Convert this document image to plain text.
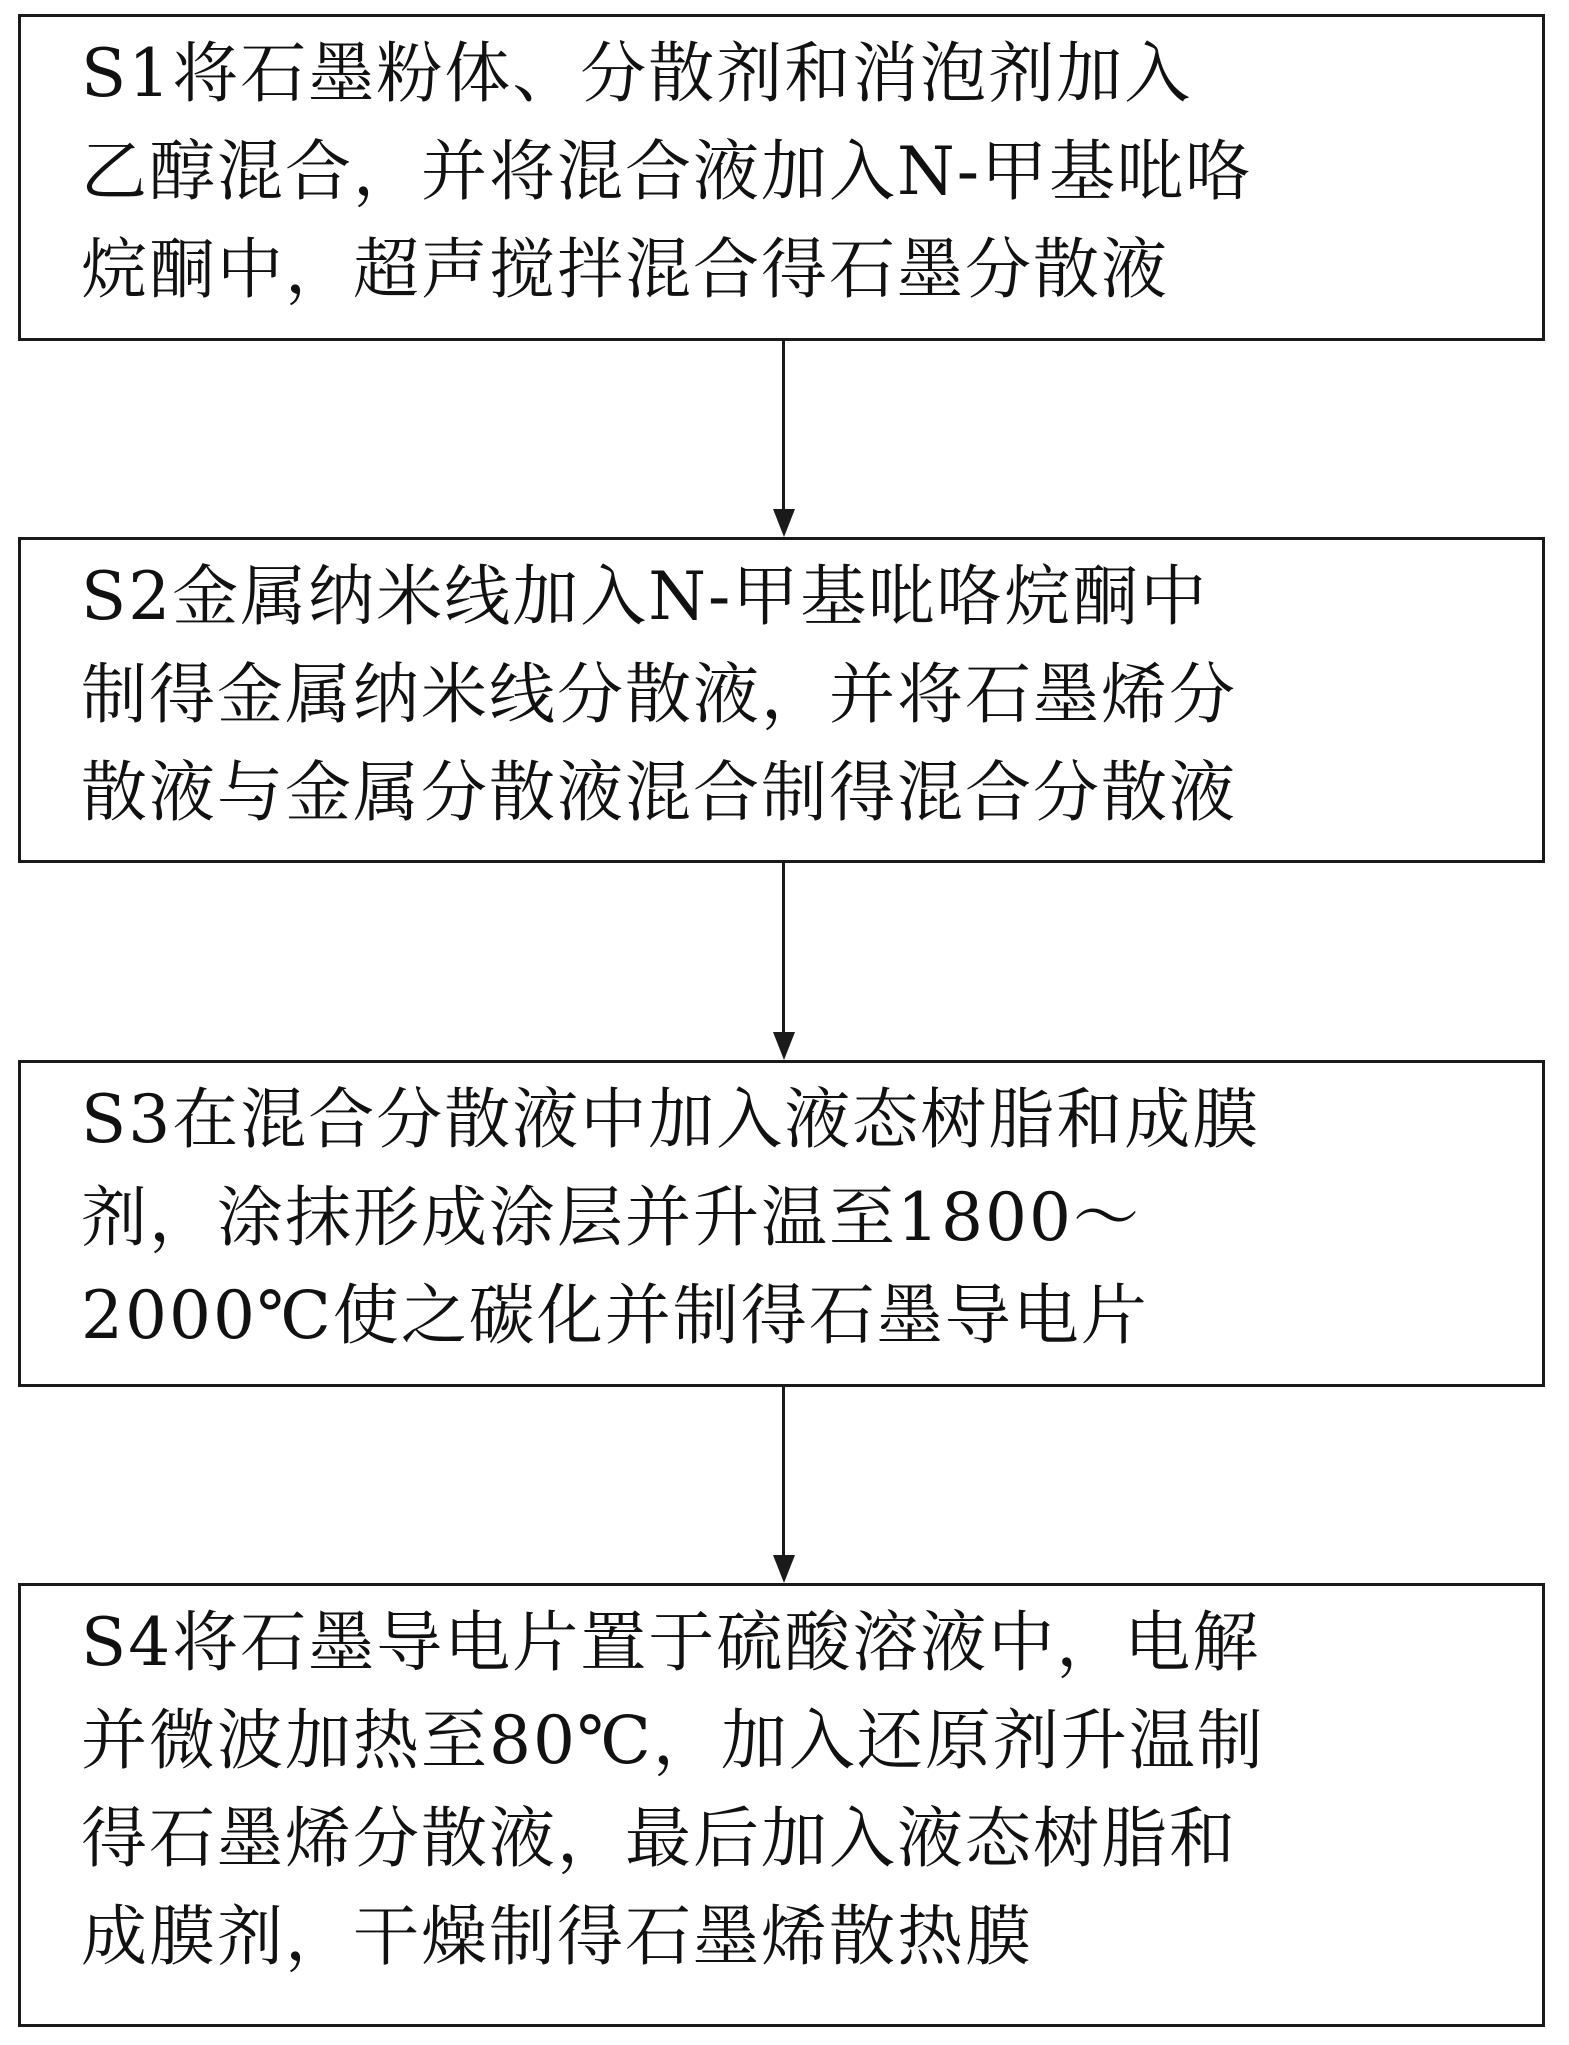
S1将石墨粉体、分散剂和消泡剂加入
乙醇混合，并将混合液加入N-甲基吡咯
烷酮中，超声搅拌混合得石墨分散液
S2金属纳米线加入N-甲基吡咯烷酮中
制得金属纳米线分散液，并将石墨烯分
散液与金属分散液混合制得混合分散液
S3在混合分散液中加入液态树脂和成膜
剂，涂抹形成涂层并升温至1800～
2000℃使之碳化并制得石墨导电片
S4将石墨导电片置于硫酸溶液中，电解
并微波加热至80℃，加入还原剂升温制
得石墨烯分散液，最后加入液态树脂和
成膜剂，干燥制得石墨烯散热膜
